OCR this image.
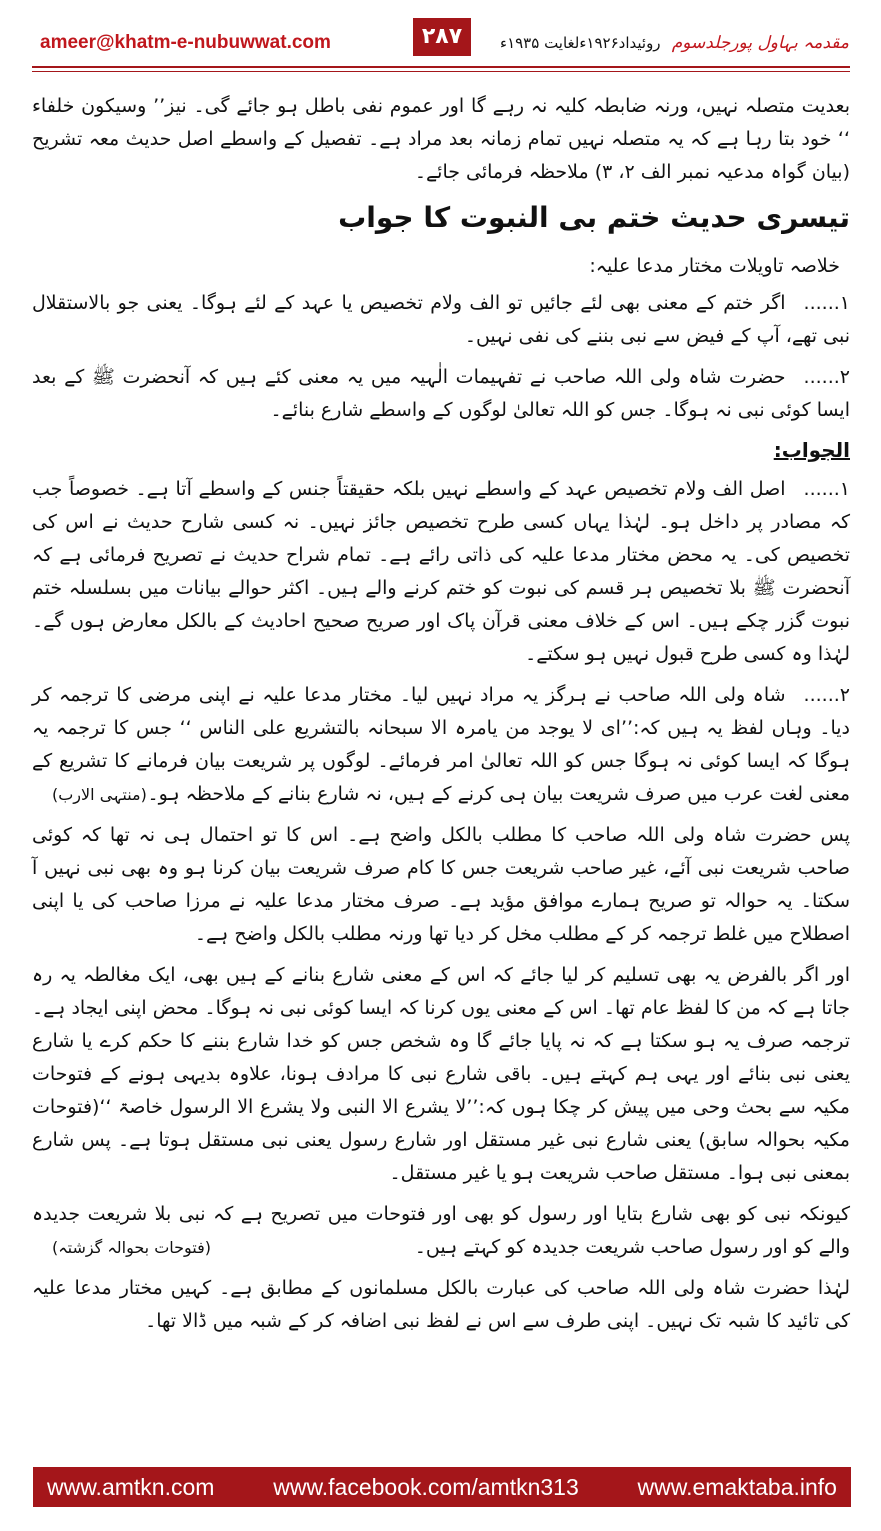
ameer@khatm-e-nubuwwat.com	۲۸۷	روئیداد۱۹۲۶ءلغایت ۱۹۳۵ء مقدمہ بہاول پورجلدسوم

بعدیت متصلہ نہیں، ورنہ ضابطہ کلیہ نہ رہے گا اور عموم نفی باطل ہو جائے گی۔ نیز’’ وسیکون خلفاء ‘‘ خود بتا رہا ہے کہ یہ متصلہ نہیں تمام زمانہ بعد مراد ہے۔ تفصیل کے واسطے اصل حدیث معہ تشریح (بیان گواہ مدعیہ نمبر الف ۲، ۳) ملاحظہ فرمائی جائے۔

تیسری حدیث ختم بی النبوت کا جواب
خلاصہ تاویلات مختار مدعا علیہ:

۱......اگر ختم کے معنی بھی لئے جائیں تو الف ولام تخصیص یا عہد کے لئے ہوگا۔ یعنی جو بالاستقلال نبی تھے، آپ کے فیض سے نبی بننے کی نفی نہیں۔

۲......حضرت شاہ ولی اللہ صاحب نے تفہیمات الٰہیہ میں یہ معنی کئے ہیں کہ آنحضرت ﷺ کے بعد ایسا کوئی نبی نہ ہوگا۔ جس کو اللہ تعالیٰ لوگوں کے واسطے شارع بنائے۔

الجواب:

۱......اصل الف ولام تخصیص عہد کے واسطے نہیں بلکہ حقیقتاً جنس کے واسطے آتا ہے۔ خصوصاً جب کہ مصادر پر داخل ہو۔ لہٰذا یہاں کسی طرح تخصیص جائز نہیں۔ نہ کسی شارح حدیث نے اس کی تخصیص کی۔ یہ محض مختار مدعا علیہ کی ذاتی رائے ہے۔ تمام شراح حدیث نے تصریح فرمائی ہے کہ آنحضرت ﷺ بلا تخصیص ہر قسم کی نبوت کو ختم کرنے والے ہیں۔ اکثر حوالے بیانات میں بسلسلہ ختم نبوت گزر چکے ہیں۔ اس کے خلاف معنی قرآن پاک اور صریح صحیح احادیث کے بالکل معارض ہوں گے۔ لہٰذا وہ کسی طرح قبول نہیں ہو سکتے۔

۲......شاہ ولی اللہ صاحب نے ہرگز یہ مراد نہیں لیا۔ مختار مدعا علیہ نے اپنی مرضی کا ترجمہ کر دیا۔ وہاں لفظ یہ ہیں کہ:’’ای لا یوجد من یامرہ الا سبحانہ بالتشریع علی الناس ‘‘ جس کا ترجمہ یہ ہوگا کہ ایسا کوئی نہ ہوگا جس کو اللہ تعالیٰ امر فرمائے۔ لوگوں پر شریعت بیان فرمانے کا تشریع کے معنی لغت عرب میں صرف شریعت بیان ہی کرنے کے ہیں، نہ شارع بنانے کے ملاحظہ ہو۔
(منتہی الارب)

پس حضرت شاہ ولی اللہ صاحب کا مطلب بالکل واضح ہے۔ اس کا تو احتمال ہی نہ تھا کہ کوئی صاحب شریعت نبی آئے، غیر صاحب شریعت جس کا کام صرف شریعت بیان کرنا ہو وہ بھی نبی نہیں آ سکتا۔ یہ حوالہ تو صریح ہمارے موافق مؤید ہے۔ صرف مختار مدعا علیہ نے مرزا صاحب کی یا اپنی اصطلاح میں غلط ترجمہ کر کے مطلب مخل کر دیا تھا ورنہ مطلب بالکل واضح ہے۔

اور اگر بالفرض یہ بھی تسلیم کر لیا جائے کہ اس کے معنی شارع بنانے کے ہیں بھی، ایک مغالطہ یہ رہ جاتا ہے کہ من کا لفظ عام تھا۔ اس کے معنی یوں کرنا کہ ایسا کوئی نبی نہ ہوگا۔ محض اپنی ایجاد ہے۔ ترجمہ صرف یہ ہو سکتا ہے کہ نہ پایا جائے گا وہ شخص جس کو خدا شارع بننے کا حکم کرے یا شارع یعنی نبی بنائے اور یہی ہم کہتے ہیں۔ باقی شارع نبی کا مرادف ہونا، علاوہ بدیہی ہونے کے فتوحات مکیہ سے بحث وحی میں پیش کر چکا ہوں کہ:’’لا یشرع الا النبی ولا یشرع الا الرسول خاصۃ ‘‘(فتوحات مکیہ بحوالہ سابق) یعنی شارع نبی غیر مستقل اور شارع رسول یعنی نبی مستقل ہوتا ہے۔ پس شارع بمعنی نبی ہوا۔ مستقل صاحب شریعت ہو یا غیر مستقل۔

کیونکہ نبی کو بھی شارع بتایا اور رسول کو بھی اور فتوحات میں تصریح ہے کہ نبی بلا شریعت جدیدہ والے کو اور رسول صاحب شریعت جدیدہ کو کہتے ہیں۔
(فتوحات بحوالہ گزشتہ)

لہٰذا حضرت شاہ ولی اللہ صاحب کی عبارت بالکل مسلمانوں کے مطابق ہے۔ کہیں مختار مدعا علیہ کی تائید کا شبہ تک نہیں۔ اپنی طرف سے اس نے لفظ نبی اضافہ کر کے شبہ میں ڈالا تھا۔

www.amtkn.com	www.facebook.com/amtkn313	www.emaktaba.info
